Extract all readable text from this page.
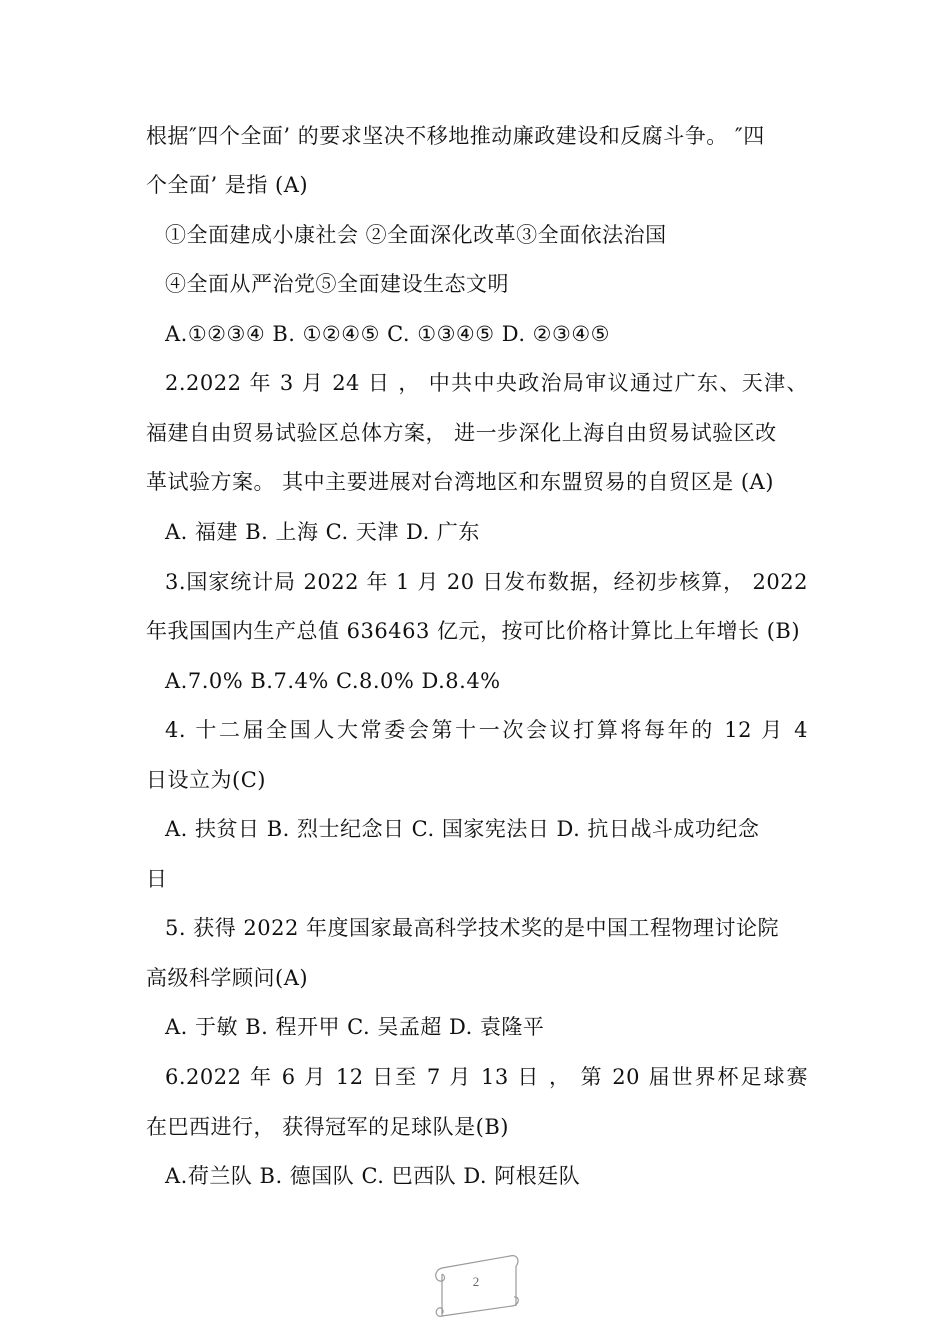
根据″四个全面’ 的要求坚决不移地推动廉政建设和反腐斗争。 ″四
个全面’ 是指 (A)
①全面建成小康社会 ②全面深化改革③全面依法治国
④全面从严治党⑤全面建设生态文明
A.①②③④ B. ①②④⑤ C. ①③④⑤ D. ②③④⑤
2.2022 年 3 月 24 日 ， 中共中央政治局审议通过广东、天津、
福建自由贸易试验区总体方案， 进一步深化上海自由贸易试验区改
革试验方案。 其中主要进展对台湾地区和东盟贸易的自贸区是 (A)
A. 福建 B. 上海 C. 天津 D. 广东
3.国家统计局 2022 年 1 月 20 日发布数据，经初步核算， 2022
年我国国内生产总值 636463 亿元，按可比价格计算比上年增长 (B)
A.7.0% B.7.4% C.8.0% D.8.4%
4. 十二届全国人大常委会第十一次会议打算将每年的 12 月 4
日设立为(C)
A. 扶贫日 B. 烈士纪念日 C. 国家宪法日 D. 抗日战斗成功纪念
日
5. 获得 2022 年度国家最高科学技术奖的是中国工程物理讨论院
高级科学顾问(A)
A. 于敏 B. 程开甲 C. 吴孟超 D. 袁隆平
6.2022 年 6 月 12 日至 7 月 13 日 ， 第 20 届世界杯足球赛
在巴西进行， 获得冠军的足球队是(B)
A.荷兰队 B. 德国队 C. 巴西队 D. 阿根廷队
2
